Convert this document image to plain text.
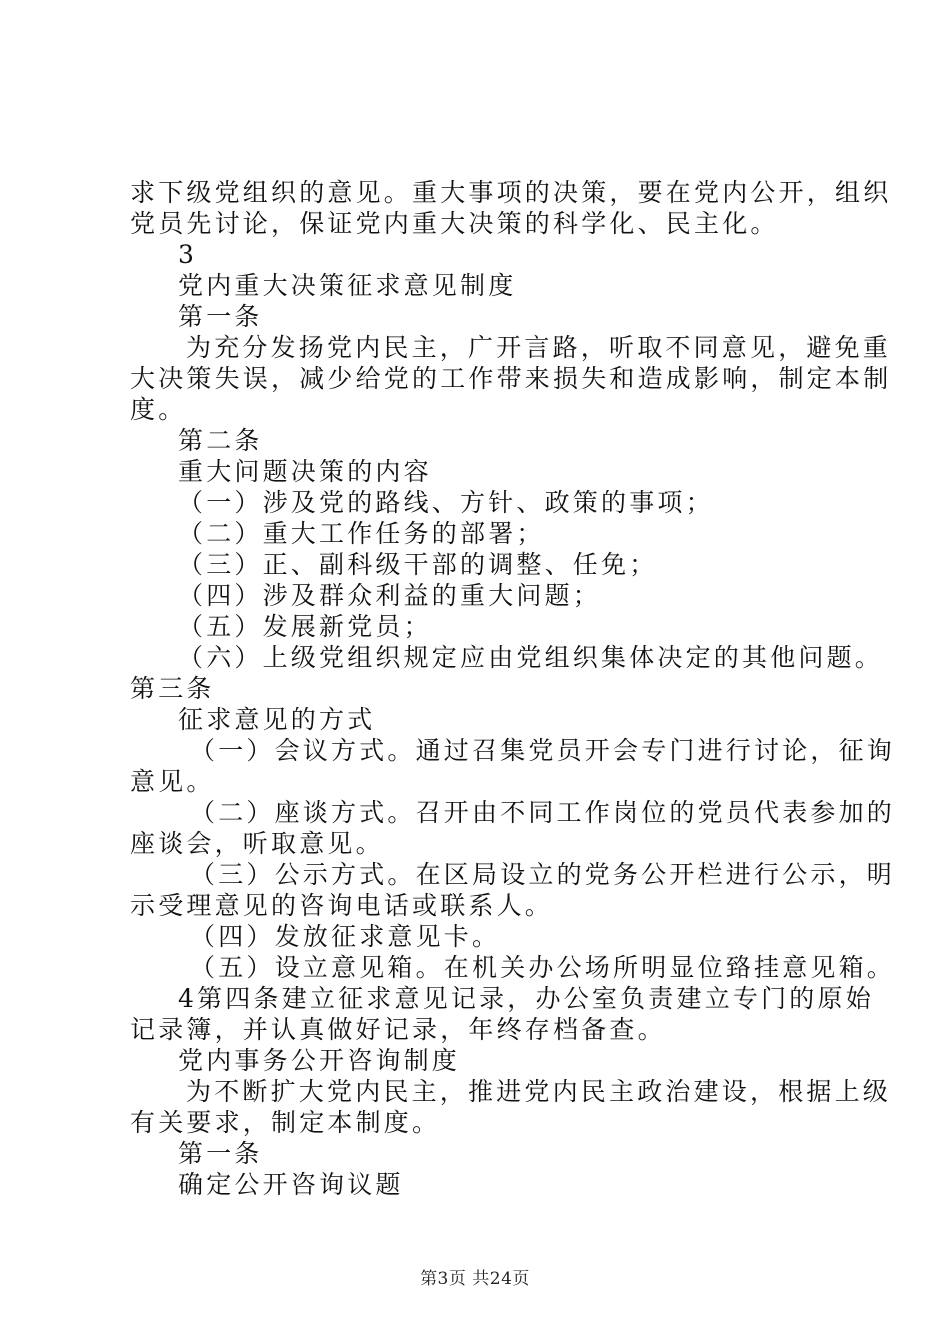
求下级党组织的意见。重大事项的决策，要在党内公开，组织
党员先讨论，保证党内重大决策的科学化、民主化。
3
党内重大决策征求意见制度
第一条
为充分发扬党内民主，广开言路，听取不同意见，避免重
大决策失误，减少给党的工作带来损失和造成影响，制定本制
度。
第二条
重大问题决策的内容
（一）涉及党的路线、方针、政策的事项；
（二）重大工作任务的部署；
（三）正、副科级干部的调整、任免；
（四）涉及群众利益的重大问题；
（五）发展新党员；
（六）上级党组织规定应由党组织集体决定的其他问题。
第三条
征求意见的方式
（一）会议方式。通过召集党员开会专门进行讨论，征询
意见。
（二）座谈方式。召开由不同工作岗位的党员代表参加的
座谈会，听取意见。
（三）公示方式。在区局设立的党务公开栏进行公示，明
示受理意见的咨询电话或联系人。
（四）发放征求意见卡。
（五）设立意见箱。在机关办公场所明显位臵挂意见箱。
4第四条建立征求意见记录，办公室负责建立专门的原始
记录簿，并认真做好记录，年终存档备查。
党内事务公开咨询制度
为不断扩大党内民主，推进党内民主政治建设，根据上级
有关要求，制定本制度。
第一条
确定公开咨询议题
第3页 共24页
